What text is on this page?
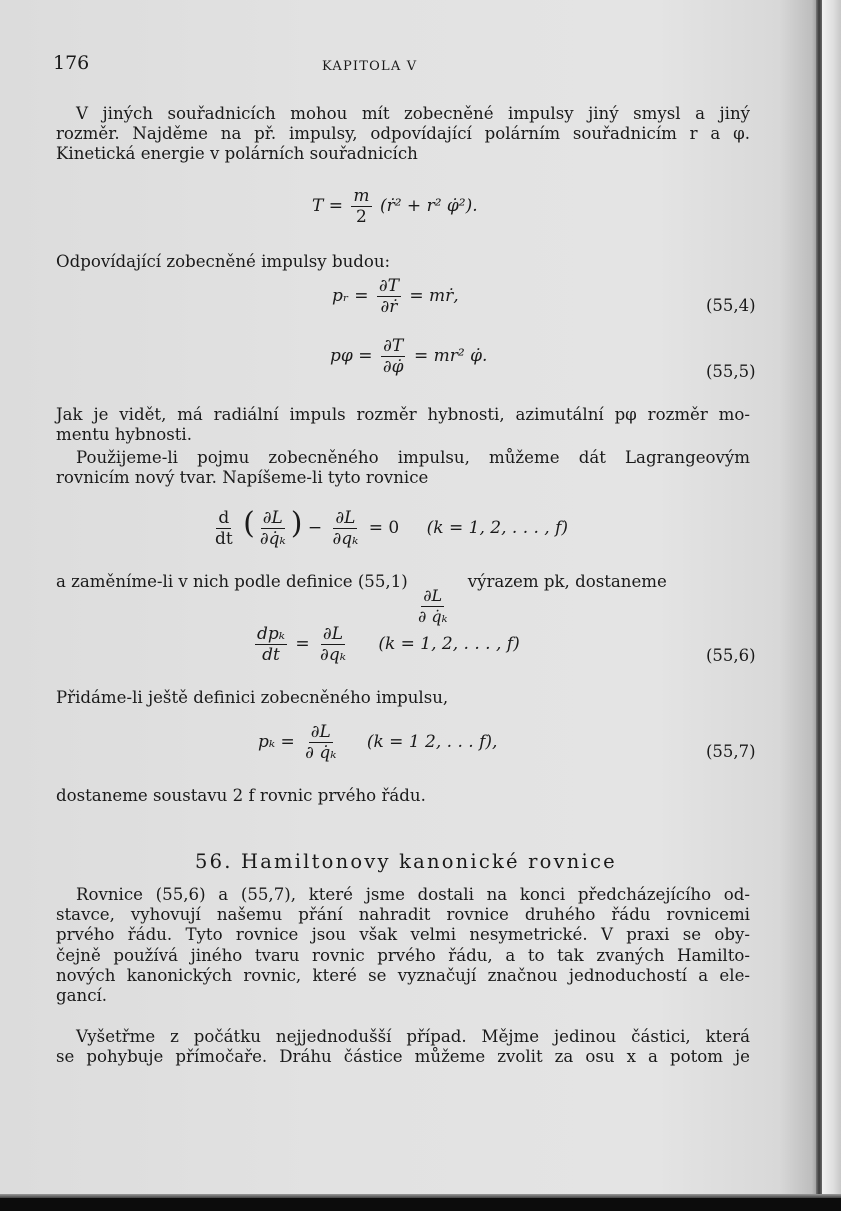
176	KAPITOLA V
V jiných souřadnicích mohou mít zobecněné impulsy jiný smysl a jiný
rozměr. Najděme na př. impulsy, odpovídající polárním souřadnicím r a φ.
Kinetická energie v polárních souřadnicích
$T = \frac{m}{2}$ (ṙ² + r² φ̇²).
Odpovídající zobecněné impulsy budou:
pᵣ = $\frac{\partial T}{\text{∂ṙ}}$ = mṙ,	(55,4)
$p\varphi = \frac{\partial T}{\partial\varphi̇} = mr^2$ φ̇.
(55,5)
Jak je vidět, má radiální impuls rozměr hybnosti, azimutální pφ rozměr mo-
mentu hybnosti.
Použijeme-li pojmu zobecněného impulsu, můžeme dát Lagrangeovým
rovnicím nový tvar. Napíšeme-li tyto rovnice
$\frac{d}{dt}$ ( $\frac{\partial L}{\text{∂q̇ₖ}}$ ) − $\frac{\partial L}{\text{∂qₖ}} = 0$ (k = 1, 2, . . . , f)
a zaměníme-li v nich podle definice (55,1)
$\frac{\partial L}{\text{∂ q̇ₖ}}$
výrazem pk, dostaneme
$\frac{\text{dpₖ}}{dt} = \frac{\partial L}{\text{∂qₖ}} (k = 1$, 2, . . . , f)
(55,6)
Přidáme-li ještě definici zobecněného impulsu,
$p_k = \frac{\partial L}{\text{∂ q̇ₖ}} (k = 1$ 2, . . . f),	(55,7)
dostaneme soustavu 2 f rovnic prvého řádu.
56. Hamiltonovy kanonické rovnice
Rovnice (55,6) a (55,7), které jsme dostali na konci předcházejícího od-
stavce, vyhovují našemu přání nahradit rovnice druhého řádu rovnicemi
prvého řádu. Tyto rovnice jsou však velmi nesymetrické. V praxi se oby-
čejně používá jiného tvaru rovnic prvého řádu, a to tak zvaných Hamilto-
nových kanonických rovnic, které se vyznačují značnou jednoduchostí a ele-
gancí.
Vyšetřme z počátku nejjednodušší případ. Mějme jedinou částici, která
se pohybuje přímočaře. Dráhu částice můžeme zvolit za osu x a potom je
